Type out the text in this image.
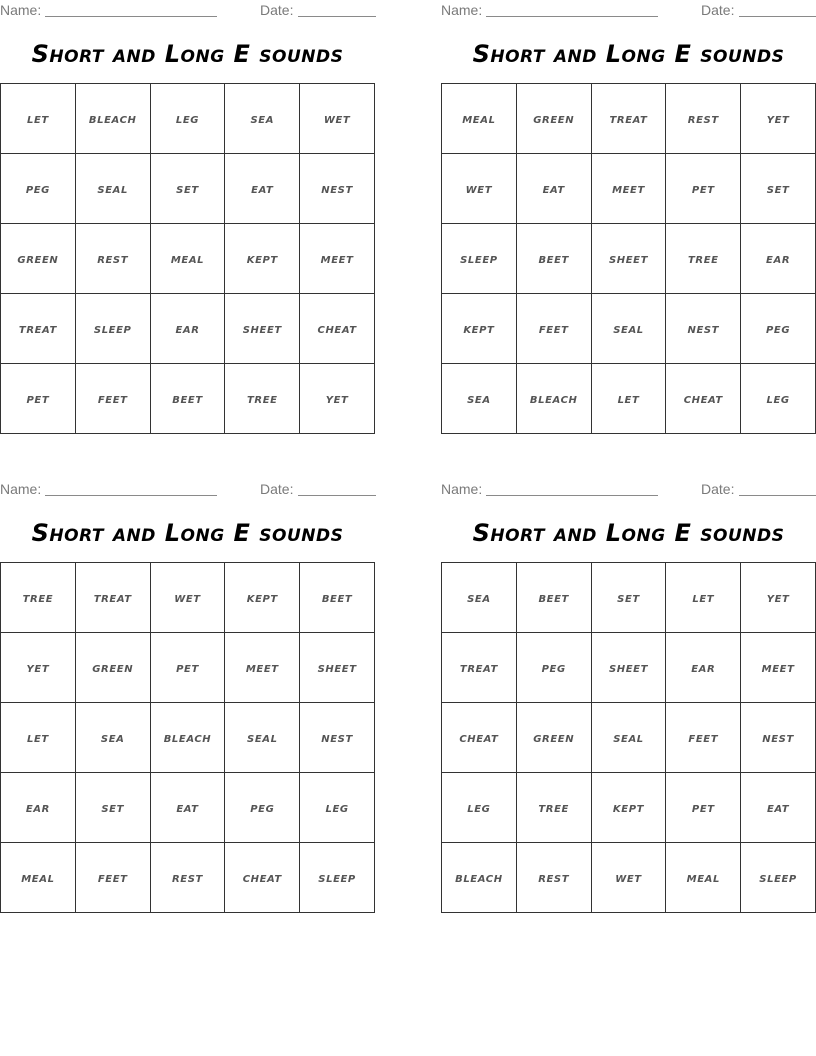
Name:	Date:
Short and Long E sounds
let	bleach	leg	sea	wet
peg	seal	set	eat	nest
green	rest	meal	kept	meet
treat	sleep	ear	sheet	cheat
pet	feet	beet	tree	yet
Name:	Date:
Short and Long E sounds
meal	green	treat	rest	yet
wet	eat	meet	pet	set
sleep	beet	sheet	tree	ear
kept	feet	seal	nest	peg
sea	bleach	let	cheat	leg
Name:	Date:
Short and Long E sounds
tree	treat	wet	kept	beet
yet	green	pet	meet	sheet
let	sea	bleach	seal	nest
ear	set	eat	peg	leg
meal	feet	rest	cheat	sleep
Name:	Date:
Short and Long E sounds
sea	beet	set	let	yet
treat	peg	sheet	ear	meet
cheat	green	seal	feet	nest
leg	tree	kept	pet	eat
bleach	rest	wet	meal	sleep
